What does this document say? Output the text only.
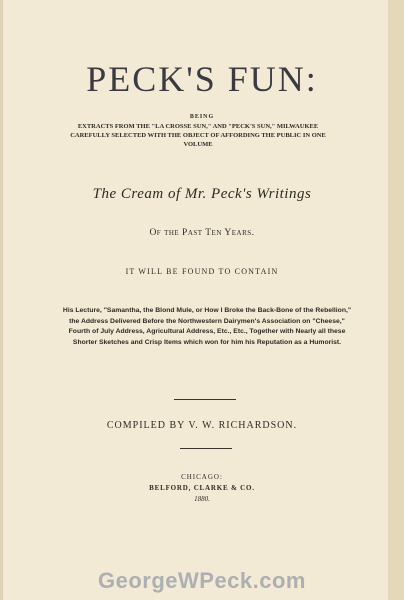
PECK'S FUN:

BEING

EXTRACTS FROM THE "LA CROSSE SUN," AND "PECK'S SUN," MILWAUKEE CAREFULLY SELECTED WITH THE OBJECT OF AFFORDING THE PUBLIC IN ONE VOLUME

The Cream of Mr. Peck's Writings

Of the Past Ten Years.

IT WILL BE FOUND TO CONTAIN

His Lecture, "Samantha, the Blond Mule, or How I Broke the Back-Bone of the Rebellion," the Address Delivered Before the Northwestern Dairymen's Association on "Cheese," Fourth of July Address, Agricultural Address, Etc., Etc., Together with Nearly all these Shorter Sketches and Crisp Items which won for him his Reputation as a Humorist.

COMPILED BY V. W. RICHARDSON.

CHICAGO:

BELFORD, CLARKE & CO.

1880.

GeorgeWPeck.com
